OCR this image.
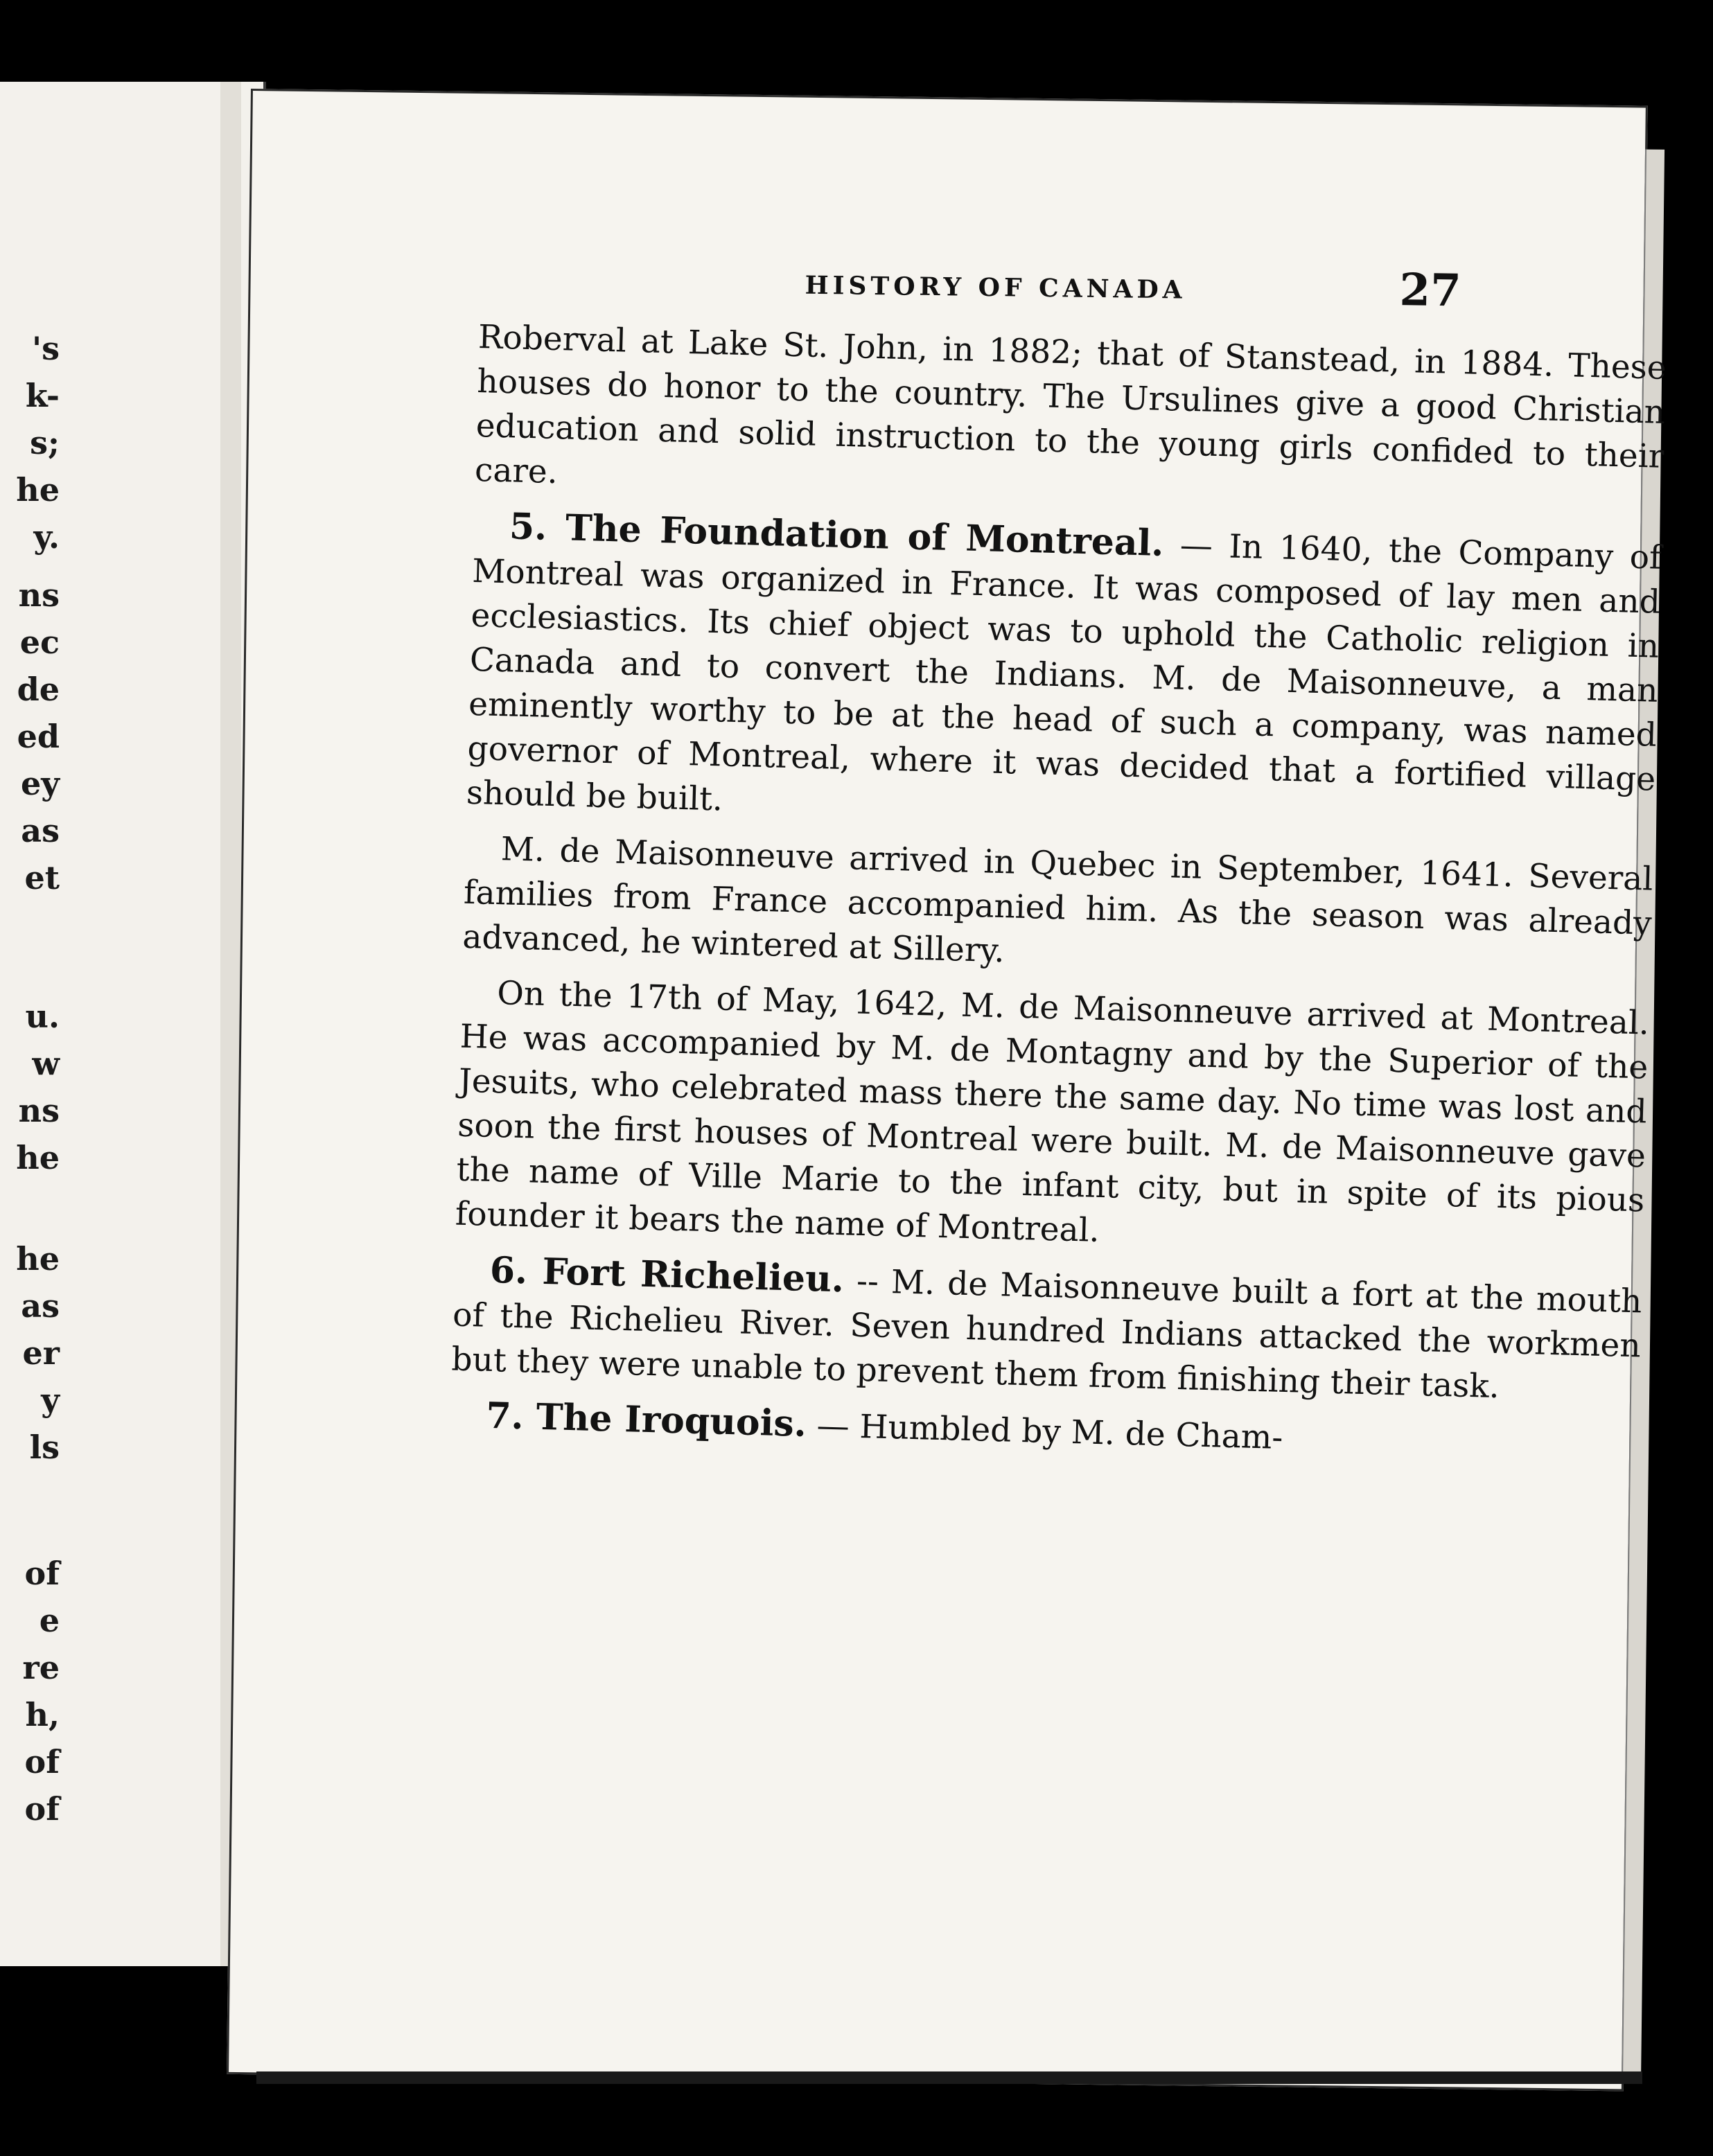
's
k-
s;
he
y.
ns
ec
de
ed
ey
as
et
u.
w
ns
he
he
as
er
y
ls
of
e
re
h,
of
of
HISTORY OF CANADA	27

Roberval at Lake St. John, in 1882; that of Stanstead, in 1884. These houses do honor to the country. The Ursulines give a good Christian education and solid instruction to the young girls confided to their care.

5. The Foundation of Montreal. — In 1640, the Company of Montreal was organized in France. It was composed of lay men and ecclesiastics. Its chief object was to uphold the Catholic religion in Canada and to convert the Indians. M. de Maisonneuve, a man eminently worthy to be at the head of such a company, was named governor of Montreal, where it was decided that a fortified village should be built.

M. de Maisonneuve arrived in Quebec in September, 1641. Several families from France accompanied him. As the season was already advanced, he wintered at Sillery.

On the 17th of May, 1642, M. de Maisonneuve arrived at Montreal. He was accompanied by M. de Montagny and by the Superior of the Jesuits, who celebrated mass there the same day. No time was lost and soon the first houses of Montreal were built. M. de Maisonneuve gave the name of Ville Marie to the infant city, but in spite of its pious founder it bears the name of Montreal.

6. Fort Richelieu. -- M. de Maisonneuve built a fort at the mouth of the Richelieu River. Seven hundred Indians attacked the workmen but they were unable to prevent them from finishing their task.

7. The Iroquois. — Humbled by M. de Cham-
